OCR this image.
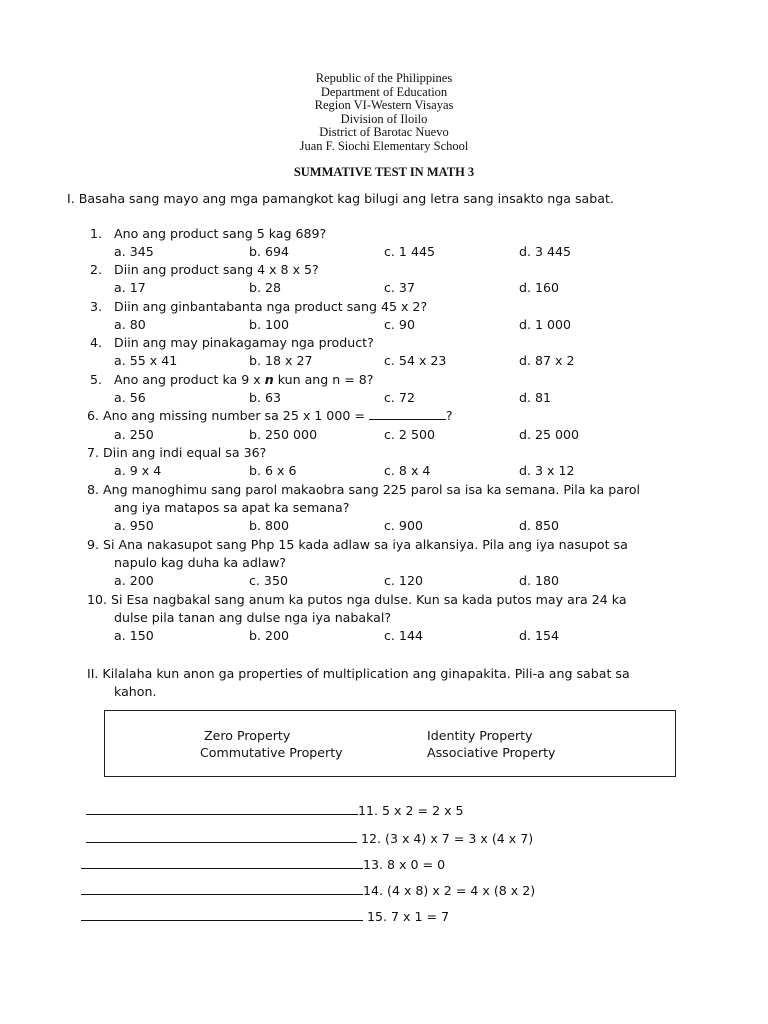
Republic of the Philippines
Department of Education
Region VI-Western Visayas
Division of Iloilo
District of Barotac Nuevo
Juan F. Siochi Elementary School
SUMMATIVE TEST IN MATH 3
I. Basaha sang mayo ang mga pamangkot kag bilugi ang letra sang insakto nga sabat.
1. Ano ang product sang 5 kag 689?
a. 345	b. 694	c. 1 445	d. 3 445
2. Diin ang product sang 4 x 8 x 5?
a. 17	b. 28	c. 37	d. 160
3. Diin ang ginbantabanta nga product sang 45 x 2?
a. 80	b. 100	c. 90	d. 1 000
4. Diin ang may pinakagamay nga product?
a. 55 x 41	b. 18 x 27	c. 54 x 23	d. 87 x 2
5. Ano ang product ka 9 x n kun ang n = 8?
a. 56	b. 63	c. 72	d. 81
6. Ano ang missing number sa 25 x 1 000 =	?
a. 250	b. 250 000	c. 2 500	d. 25 000
7. Diin ang indi equal sa 36?
a. 9 x 4	b. 6 x 6	c. 8 x 4	d. 3 x 12
8. Ang manoghimu sang parol makaobra sang 225 parol sa isa ka semana. Pila ka parol
ang iya matapos sa apat ka semana?
a. 950	b. 800	c. 900	d. 850
9. Si Ana nakasupot sang Php 15 kada adlaw sa iya alkansiya. Pila ang iya nasupot sa
napulo kag duha ka adlaw?
a. 200	c. 350	c. 120	d. 180
10. Si Esa nagbakal sang anum ka putos nga dulse. Kun sa kada putos may ara 24 ka
dulse pila tanan ang dulse nga iya nabakal?
a. 150	b. 200	c. 144	d. 154
II. Kilalaha kun anon ga properties of multiplication ang ginapakita. Pili-a ang sabat sa
kahon.
Zero Property	Identity Property
Commutative Property	Associative Property
11. 5 x 2 = 2 x 5
12. (3 x 4) x 7 = 3 x (4 x 7)
13. 8 x 0 = 0
14. (4 x 8) x 2 = 4 x (8 x 2)
15. 7 x 1 = 7
